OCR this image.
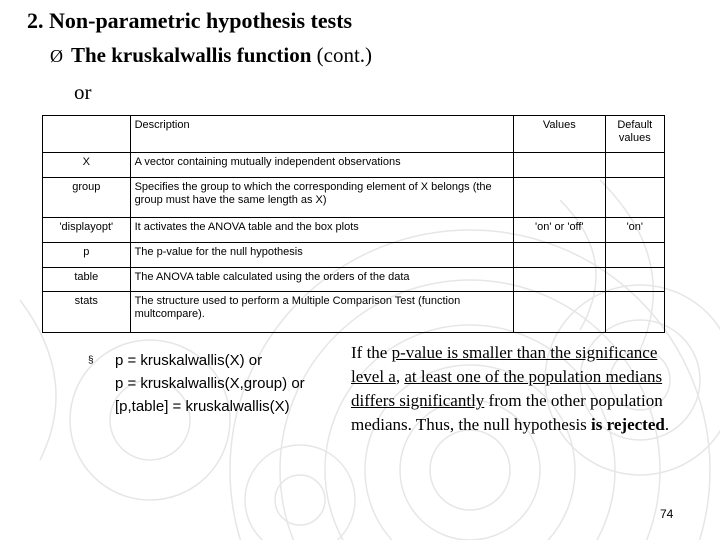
2. Non-parametric hypothesis tests
Ø The kruskalwallis function (cont.)
or
	Description	Values	Default values
X	A vector containing mutually independent observations		
group	Specifies the group to which the corresponding element of X belongs (the group must have the same length as X)		
'displayopt'	It activates the ANOVA table and the box plots	'on' or 'off'	'on'
p	The p-value for the null hypothesis		
table	The ANOVA table calculated using the orders of the data		
stats	The structure used to perform a Multiple Comparison Test (function multcompare).		
§	p = kruskalwallis(X) or
p = kruskalwallis(X,group) or
[p,table] = kruskalwallis(X)
If the p-value is smaller than the significance level a, at least one of the population medians differs significantly from the other population medians. Thus, the null hypothesis is rejected.
74
